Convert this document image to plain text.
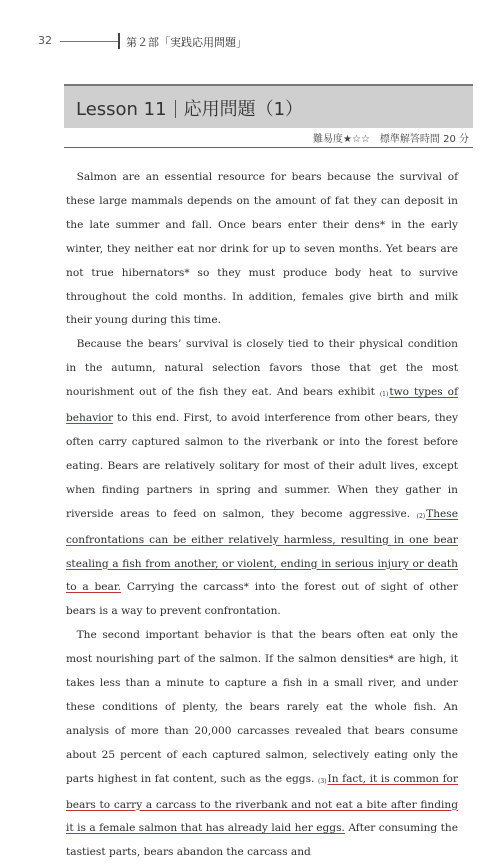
32	第２部「実践応用問題」
Lesson 11 応用問題（1）
難易度★☆☆　標準解答時間 20 分

Salmon are an essential resource for bears because the survival of these large mammals depends on the amount of fat they can deposit in the late summer and fall. Once bears enter their dens* in the early winter, they neither eat nor drink for up to seven months. Yet bears are not true hibernators* so they must produce body heat to survive throughout the cold months. In addition, females give birth and milk their young during this time.

Because the bears’ survival is closely tied to their physical condition in the autumn, natural selection favors those that get the most nourishment out of the fish they eat. And bears exhibit (1)two types of behavior to this end. First, to avoid interference from other bears, they often carry captured salmon to the riverbank or into the forest before eating. Bears are relatively solitary for most of their adult lives, except when finding partners in spring and summer. When they gather in riverside areas to feed on salmon, they become aggressive. (2)These confrontations can be either relatively harmless, resulting in one bear stealing a fish from another, or violent, ending in serious injury or death to a bear. Carrying the carcass* into the forest out of sight of other bears is a way to prevent confrontation.

The second important behavior is that the bears often eat only the most nourishing part of the salmon. If the salmon densities* are high, it takes less than a minute to capture a fish in a small river, and under these conditions of plenty, the bears rarely eat the whole fish. An analysis of more than 20,000 carcasses revealed that bears consume about 25 percent of each captured salmon, selectively eating only the parts highest in fat content, such as the eggs. (3)In fact, it is common for bears to carry a carcass to the riverbank and not eat a bite after finding it is a female salmon that has already laid her eggs. After consuming the tastiest parts, bears abandon the carcass and
